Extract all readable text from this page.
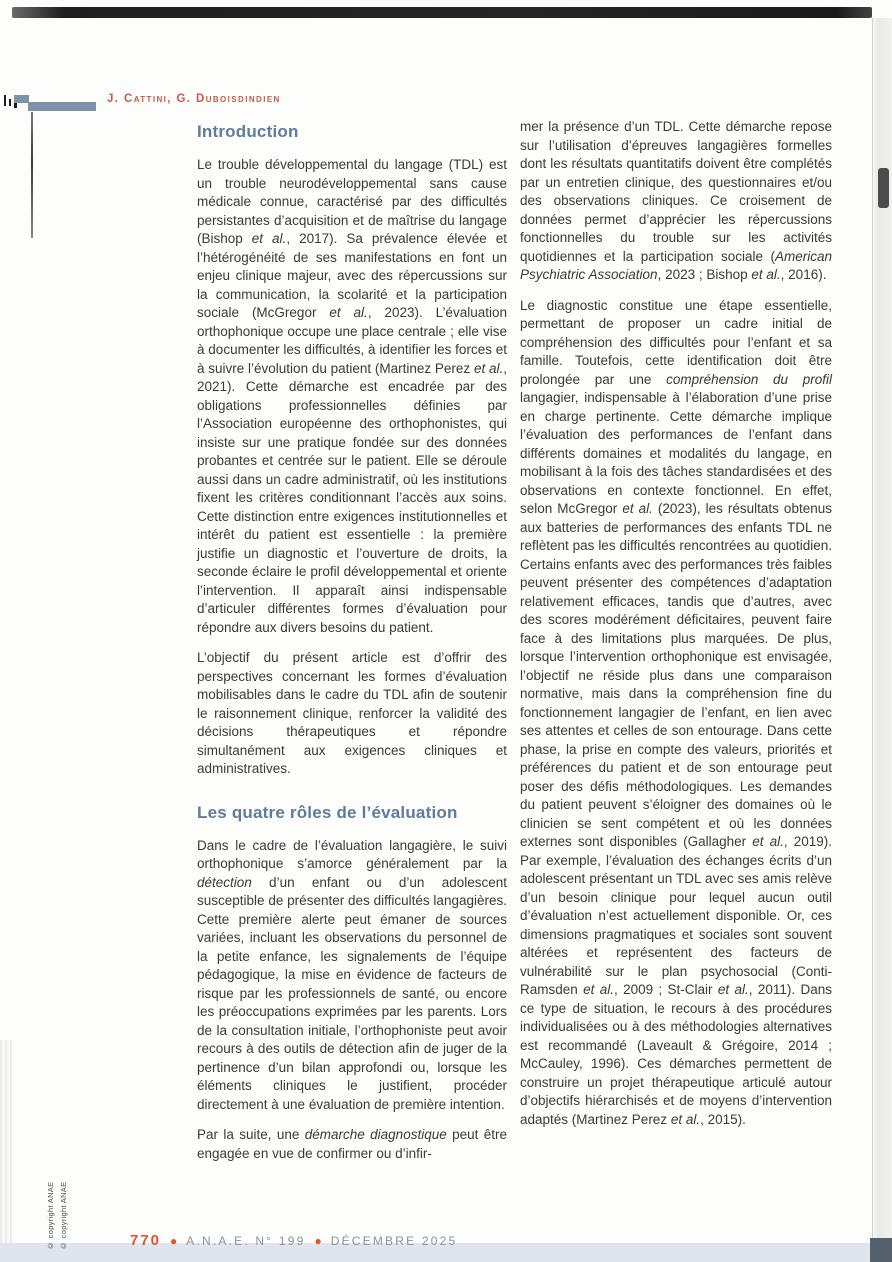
J. Cattini, G. Duboisdindien
Introduction

Le trouble développemental du langage (TDL) est un trouble neurodéveloppemental sans cause médicale connue, caractérisé par des difficultés persistantes d’acquisition et de maîtrise du langage (Bishop et al., 2017). Sa prévalence élevée et l’hétérogénéité de ses manifestations en font un enjeu clinique majeur, avec des répercussions sur la communication, la scolarité et la participation sociale (McGregor et al., 2023). L’évaluation orthophonique occupe une place centrale ; elle vise à documenter les difficultés, à identifier les forces et à suivre l’évolution du patient (Martinez Perez et al., 2021). Cette démarche est encadrée par des obligations professionnelles définies par l’Association européenne des orthophonistes, qui insiste sur une pratique fondée sur des données probantes et centrée sur le patient. Elle se déroule aussi dans un cadre administratif, où les institutions fixent les critères conditionnant l’accès aux soins. Cette distinction entre exigences institutionnelles et intérêt du patient est essentielle : la première justifie un diagnostic et l’ouverture de droits, la seconde éclaire le profil développemental et oriente l’intervention. Il apparaît ainsi indispensable d’articuler différentes formes d’évaluation pour répondre aux divers besoins du patient.

L’objectif du présent article est d’offrir des perspectives concernant les formes d’évaluation mobilisables dans le cadre du TDL afin de soutenir le raisonnement clinique, renforcer la validité des décisions thérapeutiques et répondre simultanément aux exigences cliniques et administratives.

Les quatre rôles de l’évaluation

Dans le cadre de l’évaluation langagière, le suivi orthophonique s’amorce généralement par la détection d’un enfant ou d’un adolescent susceptible de présenter des difficultés langagières. Cette première alerte peut émaner de sources variées, incluant les observations du personnel de la petite enfance, les signalements de l’équipe pédagogique, la mise en évidence de facteurs de risque par les professionnels de santé, ou encore les préoccupations exprimées par les parents. Lors de la consultation initiale, l’orthophoniste peut avoir recours à des outils de détection afin de juger de la pertinence d’un bilan approfondi ou, lorsque les éléments cliniques le justifient, procéder directement à une évaluation de première intention.

Par la suite, une démarche diagnostique peut être engagée en vue de confirmer ou d’infir-

mer la présence d’un TDL. Cette démarche repose sur l’utilisation d’épreuves langagières formelles dont les résultats quantitatifs doivent être complétés par un entretien clinique, des questionnaires et/ou des observations cliniques. Ce croisement de données permet d’apprécier les répercussions fonctionnelles du trouble sur les activités quotidiennes et la participation sociale (American Psychiatric Association, 2023 ; Bishop et al., 2016).

Le diagnostic constitue une étape essentielle, permettant de proposer un cadre initial de compréhension des difficultés pour l’enfant et sa famille. Toutefois, cette identification doit être prolongée par une compréhension du profil langagier, indispensable à l’élaboration d’une prise en charge pertinente. Cette démarche implique l’évaluation des performances de l’enfant dans différents domaines et modalités du langage, en mobilisant à la fois des tâches standardisées et des observations en contexte fonctionnel. En effet, selon McGregor et al. (2023), les résultats obtenus aux batteries de performances des enfants TDL ne reflètent pas les difficultés rencontrées au quotidien. Certains enfants avec des performances très faibles peuvent présenter des compétences d’adaptation relativement efficaces, tandis que d’autres, avec des scores modérément déficitaires, peuvent faire face à des limitations plus marquées. De plus, lorsque l’intervention orthophonique est envisagée, l’objectif ne réside plus dans une comparaison normative, mais dans la compréhension fine du fonctionnement langagier de l’enfant, en lien avec ses attentes et celles de son entourage. Dans cette phase, la prise en compte des valeurs, priorités et préférences du patient et de son entourage peut poser des défis méthodologiques. Les demandes du patient peuvent s’éloigner des domaines où le clinicien se sent compétent et où les données externes sont disponibles (Gallagher et al., 2019). Par exemple, l’évaluation des échanges écrits d’un adolescent présentant un TDL avec ses amis relève d’un besoin clinique pour lequel aucun outil d’évaluation n’est actuellement disponible. Or, ces dimensions pragmatiques et sociales sont souvent altérées et représentent des facteurs de vulnérabilité sur le plan psychosocial (Conti-Ramsden et al., 2009 ; St-Clair et al., 2011). Dans ce type de situation, le recours à des procédures individualisées ou à des méthodologies alternatives est recommandé (Laveault & Grégoire, 2014 ; McCauley, 1996). Ces démarches permettent de construire un projet thérapeutique articulé autour d’objectifs hiérarchisés et de moyens d’intervention adaptés (Martinez Perez et al., 2015).

770 ● A.N.A.E. N° 199 ● DÉCEMBRE 2025
© copyright ANAE © copyright ANAE
